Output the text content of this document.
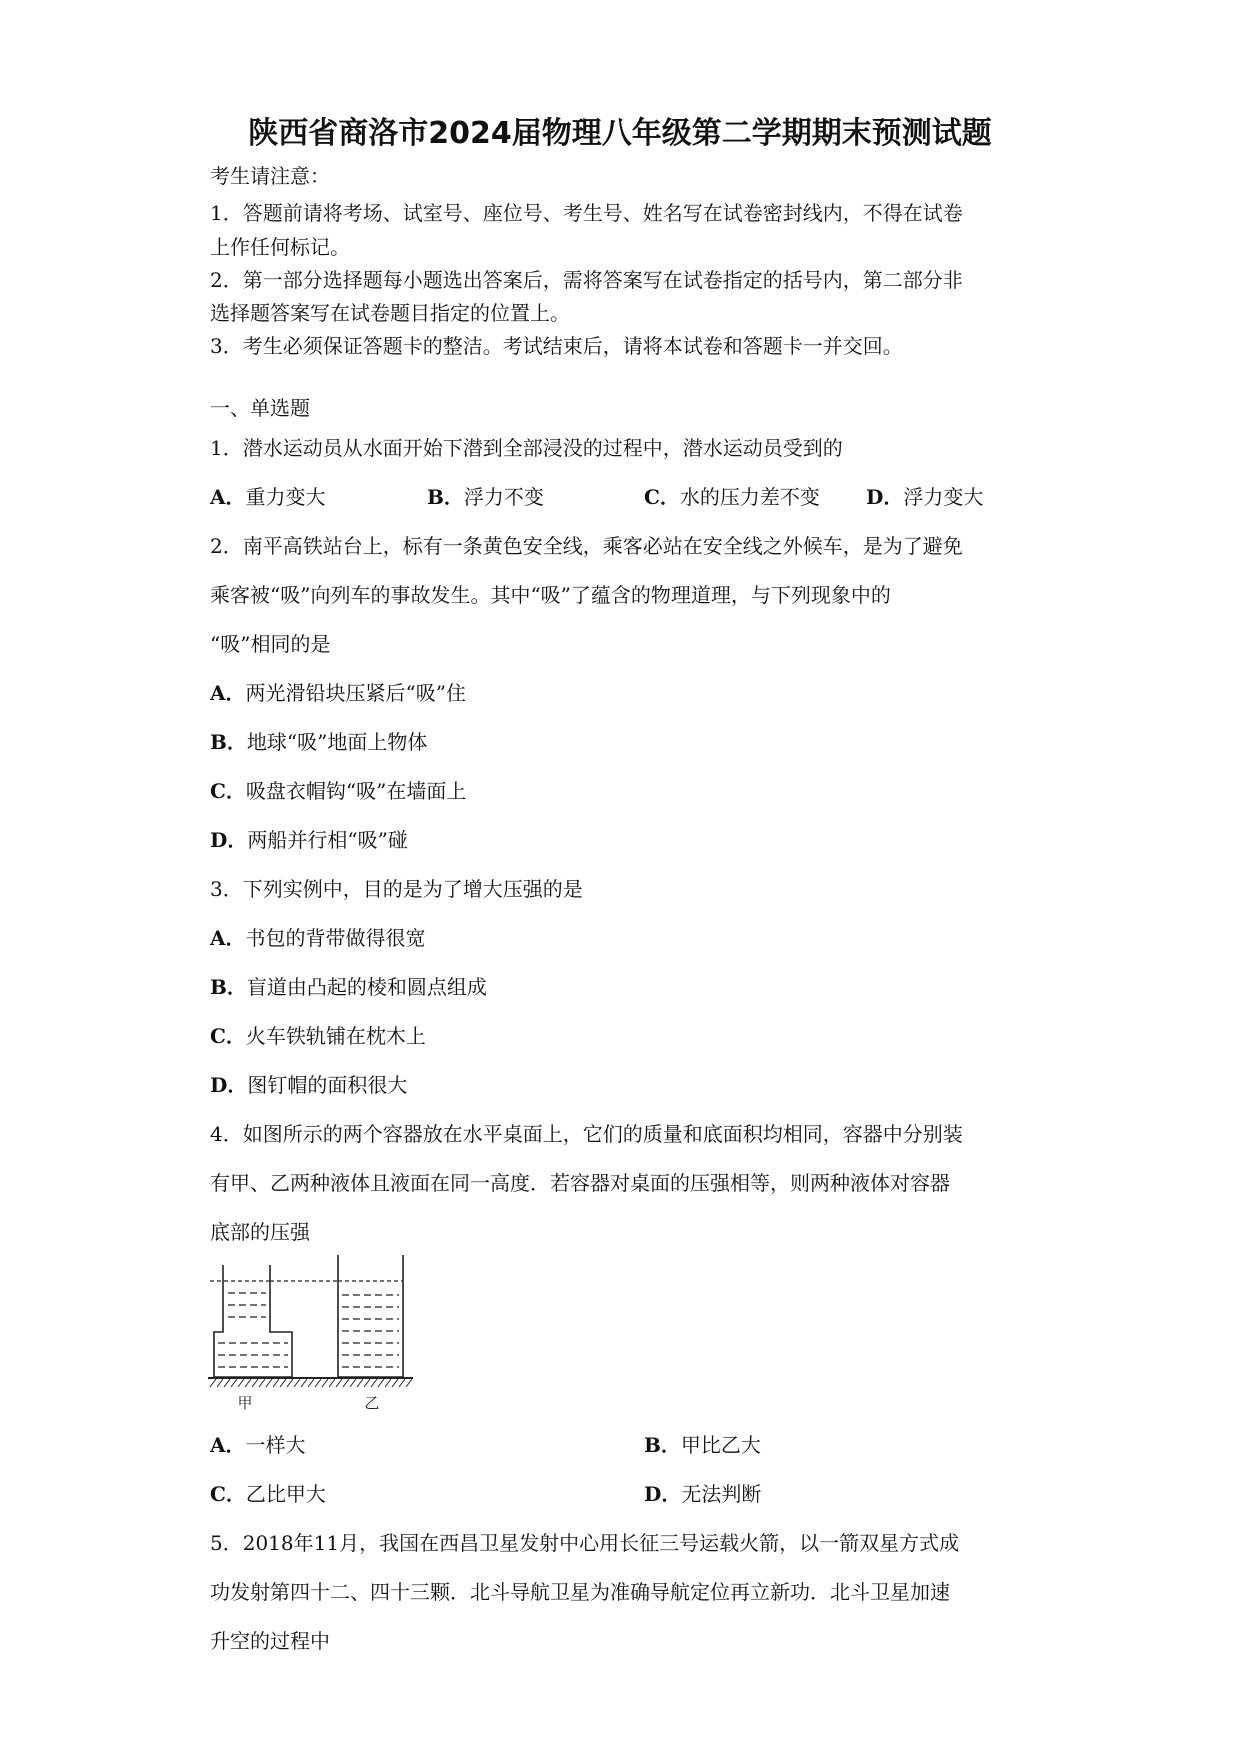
陕西省商洛市2024届物理八年级第二学期期末预测试题
考生请注意：
1．答题前请将考场、试室号、座位号、考生号、姓名写在试卷密封线内，不得在试卷
上作任何标记。
2．第一部分选择题每小题选出答案后，需将答案写在试卷指定的括号内，第二部分非
选择题答案写在试卷题目指定的位置上。
3．考生必须保证答题卡的整洁。考试结束后，请将本试卷和答题卡一并交回。
一、单选题
1．潜水运动员从水面开始下潜到全部浸没的过程中，潜水运动员受到的
A．重力变大	B．浮力不变	C．水的压力差不变 D．浮力变大
2．南平高铁站台上，标有一条黄色安全线，乘客必站在安全线之外候车，是为了避免
乘客被“吸”向列车的事故发生。其中“吸”了蕴含的物理道理，与下列现象中的
“吸”相同的是
A．两光滑铅块压紧后“吸”住
B．地球“吸”地面上物体
C．吸盘衣帽钩“吸”在墙面上
D．两船并行相“吸”碰
3．下列实例中，目的是为了增大压强的是
A．书包的背带做得很宽
B．盲道由凸起的棱和圆点组成
C．火车铁轨铺在枕木上
D．图钉帽的面积很大
4．如图所示的两个容器放在水平桌面上，它们的质量和底面积均相同，容器中分别装
有甲、乙两种液体且液面在同一高度．若容器对桌面的压强相等，则两种液体对容器
底部的压强
甲	乙
A．一样大	B．甲比乙大
C．乙比甲大	D．无法判断
5．2018年11月，我国在西昌卫星发射中心用长征三号运载火箭，以一箭双星方式成
功发射第四十二、四十三颗．北斗导航卫星为准确导航定位再立新功．北斗卫星加速
升空的过程中
